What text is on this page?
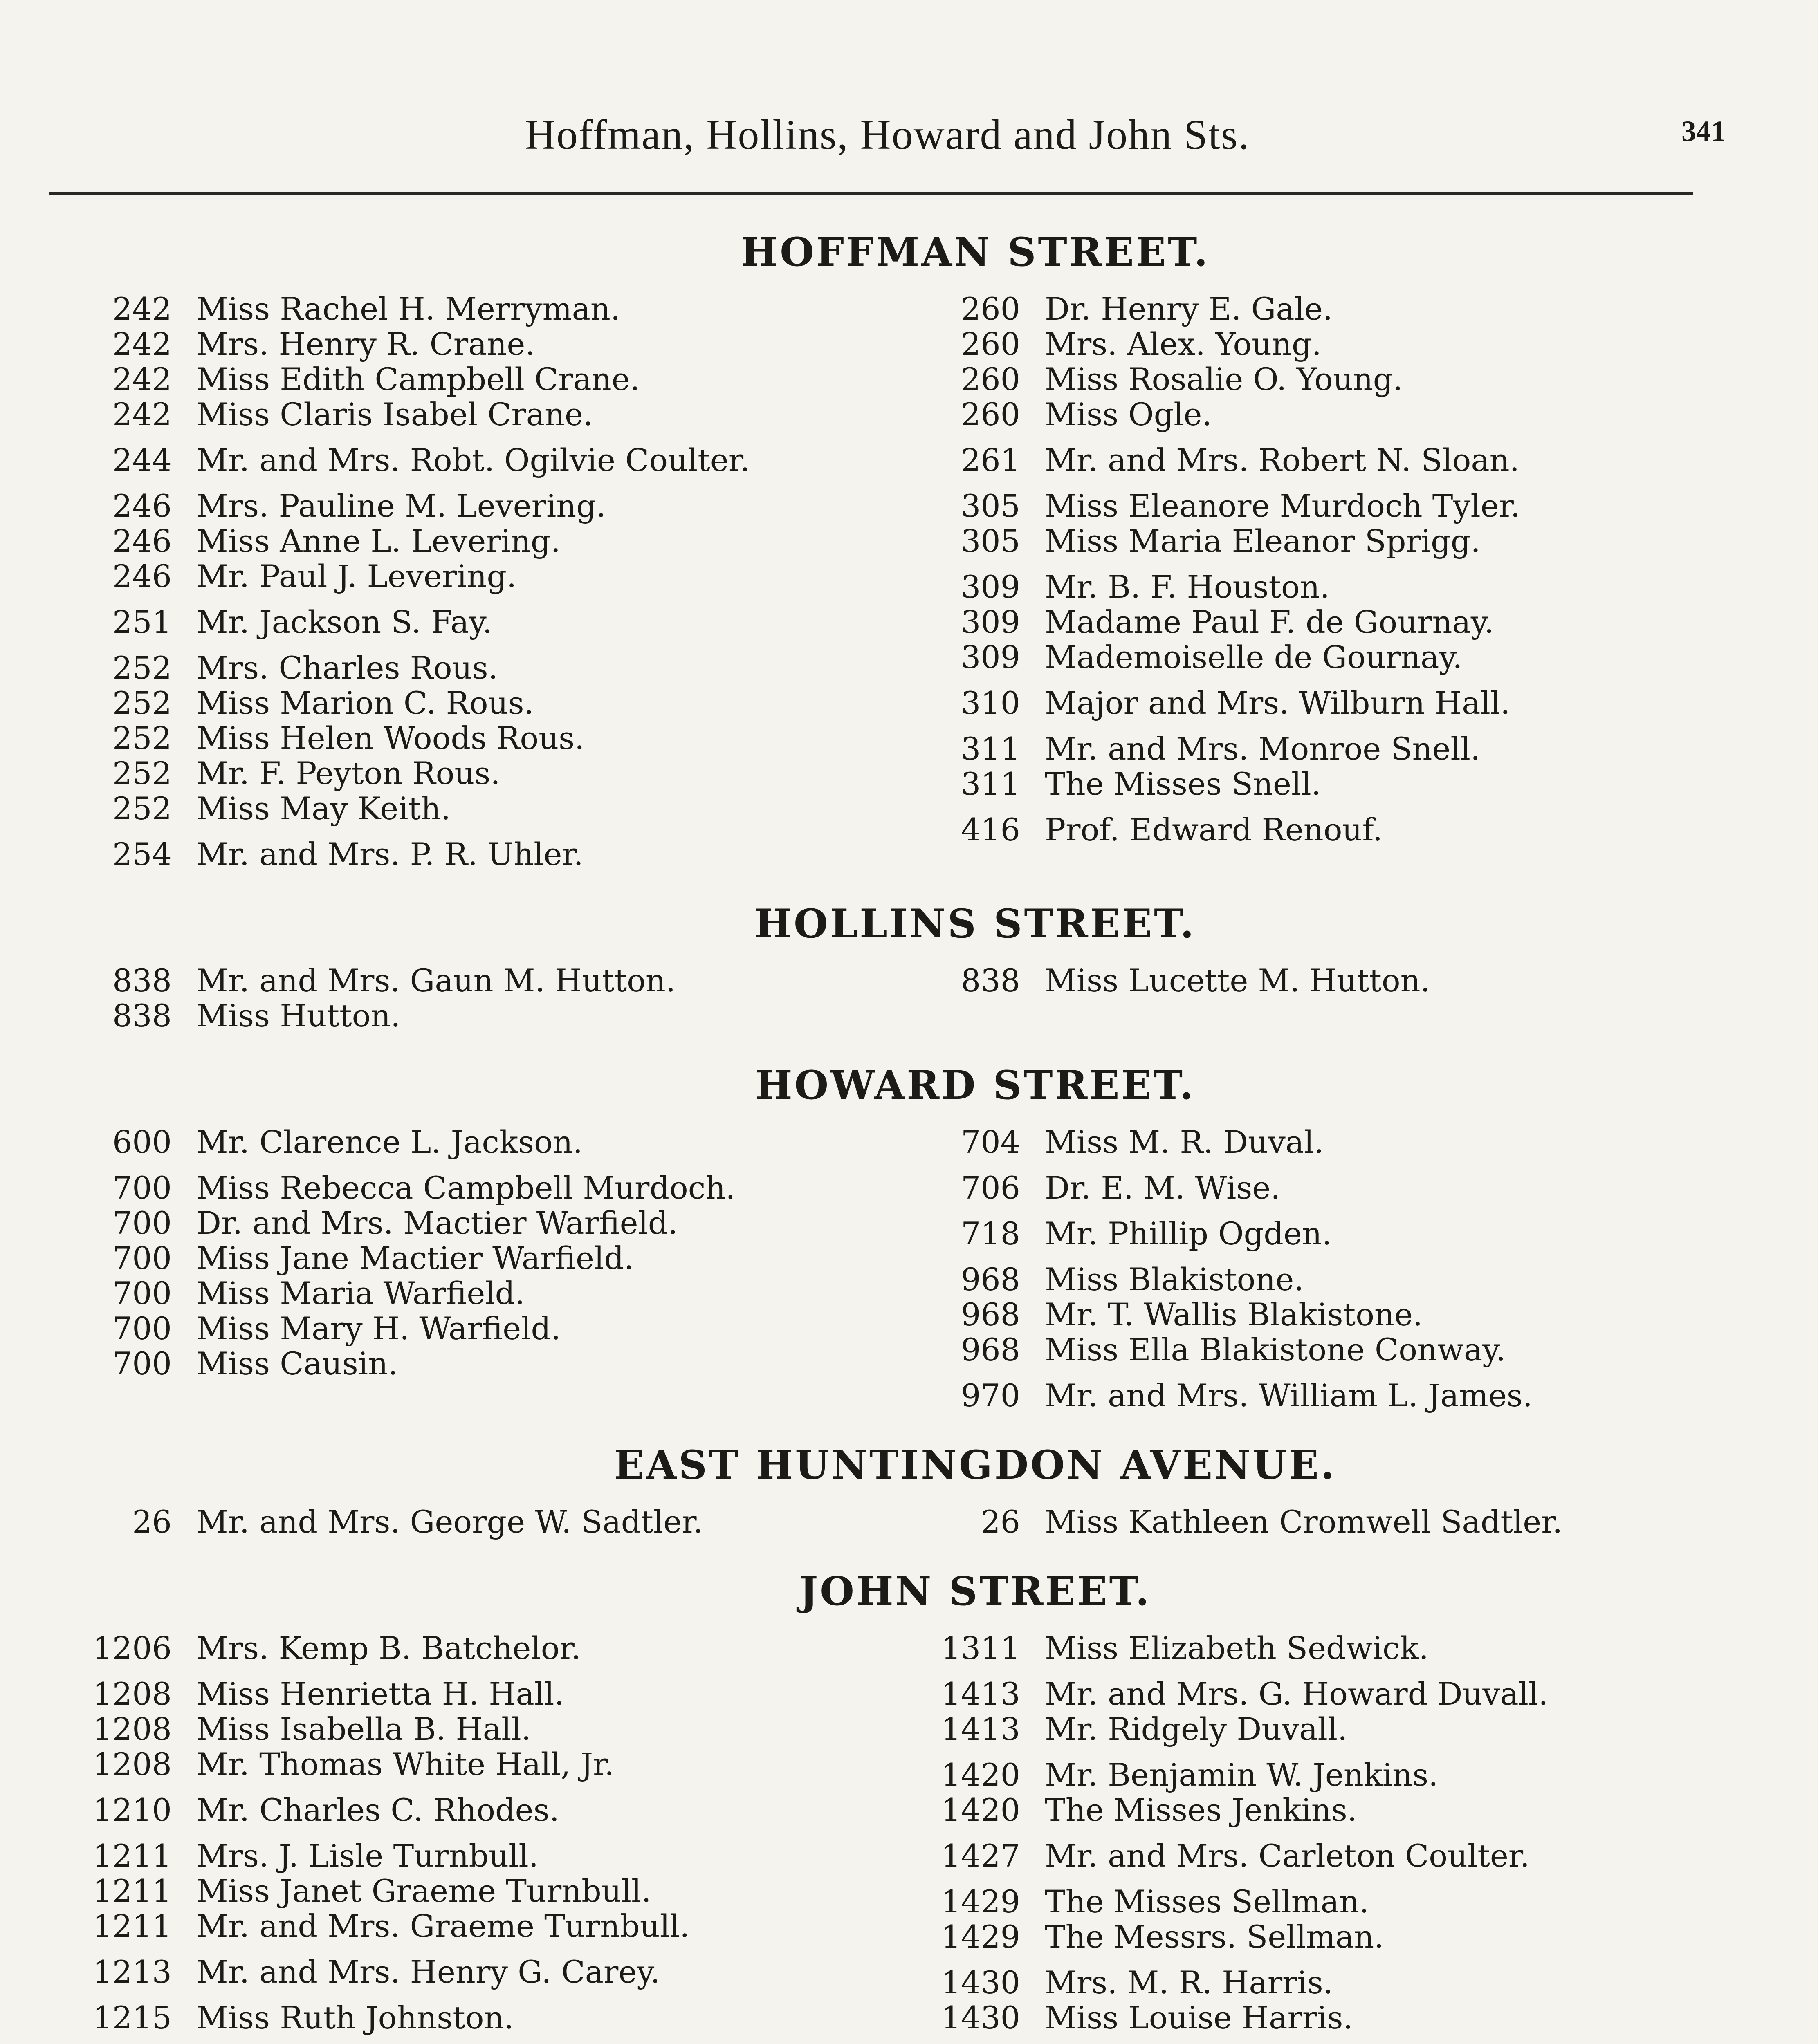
Hoffman, Hollins, Howard and John Sts.	341
HOFFMAN STREET.
242 Miss Rachel H. Merryman.
242 Mrs. Henry R. Crane.
242 Miss Edith Campbell Crane.
242 Miss Claris Isabel Crane.
244 Mr. and Mrs. Robt. Ogilvie Coulter.
246 Mrs. Pauline M. Levering.
246 Miss Anne L. Levering.
246 Mr. Paul J. Levering.
251 Mr. Jackson S. Fay.
252 Mrs. Charles Rous.
252 Miss Marion C. Rous.
252 Miss Helen Woods Rous.
252 Mr. F. Peyton Rous.
252 Miss May Keith.
254 Mr. and Mrs. P. R. Uhler.
260 Dr. Henry E. Gale.
260 Mrs. Alex. Young.
260 Miss Rosalie O. Young.
260 Miss Ogle.
261 Mr. and Mrs. Robert N. Sloan.
305 Miss Eleanore Murdoch Tyler.
305 Miss Maria Eleanor Sprigg.
309 Mr. B. F. Houston.
309 Madame Paul F. de Gournay.
309 Mademoiselle de Gournay.
310 Major and Mrs. Wilburn Hall.
311 Mr. and Mrs. Monroe Snell.
311 The Misses Snell.
416 Prof. Edward Renouf.
HOLLINS STREET.
838 Mr. and Mrs. Gaun M. Hutton.
838 Miss Hutton.
838 Miss Lucette M. Hutton.
HOWARD STREET.
600 Mr. Clarence L. Jackson.
700 Miss Rebecca Campbell Murdoch.
700 Dr. and Mrs. Mactier Warfield.
700 Miss Jane Mactier Warfield.
700 Miss Maria Warfield.
700 Miss Mary H. Warfield.
700 Miss Causin.
704 Miss M. R. Duval.
706 Dr. E. M. Wise.
718 Mr. Phillip Ogden.
968 Miss Blakistone.
968 Mr. T. Wallis Blakistone.
968 Miss Ella Blakistone Conway.
970 Mr. and Mrs. William L. James.
EAST HUNTINGDON AVENUE.
26 Mr. and Mrs. George W. Sadtler.	26 Miss Kathleen Cromwell Sadtler.
JOHN STREET.
1206 Mrs. Kemp B. Batchelor.
1208 Miss Henrietta H. Hall.
1208 Miss Isabella B. Hall.
1208 Mr. Thomas White Hall, Jr.
1210 Mr. Charles C. Rhodes.
1211 Mrs. J. Lisle Turnbull.
1211 Miss Janet Graeme Turnbull.
1211 Mr. and Mrs. Graeme Turnbull.
1213 Mr. and Mrs. Henry G. Carey.
1215 Miss Ruth Johnston.
1311 Miss Elizabeth Sedwick.
1413 Mr. and Mrs. G. Howard Duvall.
1413 Mr. Ridgely Duvall.
1420 Mr. Benjamin W. Jenkins.
1420 The Misses Jenkins.
1427 Mr. and Mrs. Carleton Coulter.
1429 The Misses Sellman.
1429 The Messrs. Sellman.
1430 Mrs. M. R. Harris.
1430 Miss Louise Harris.
